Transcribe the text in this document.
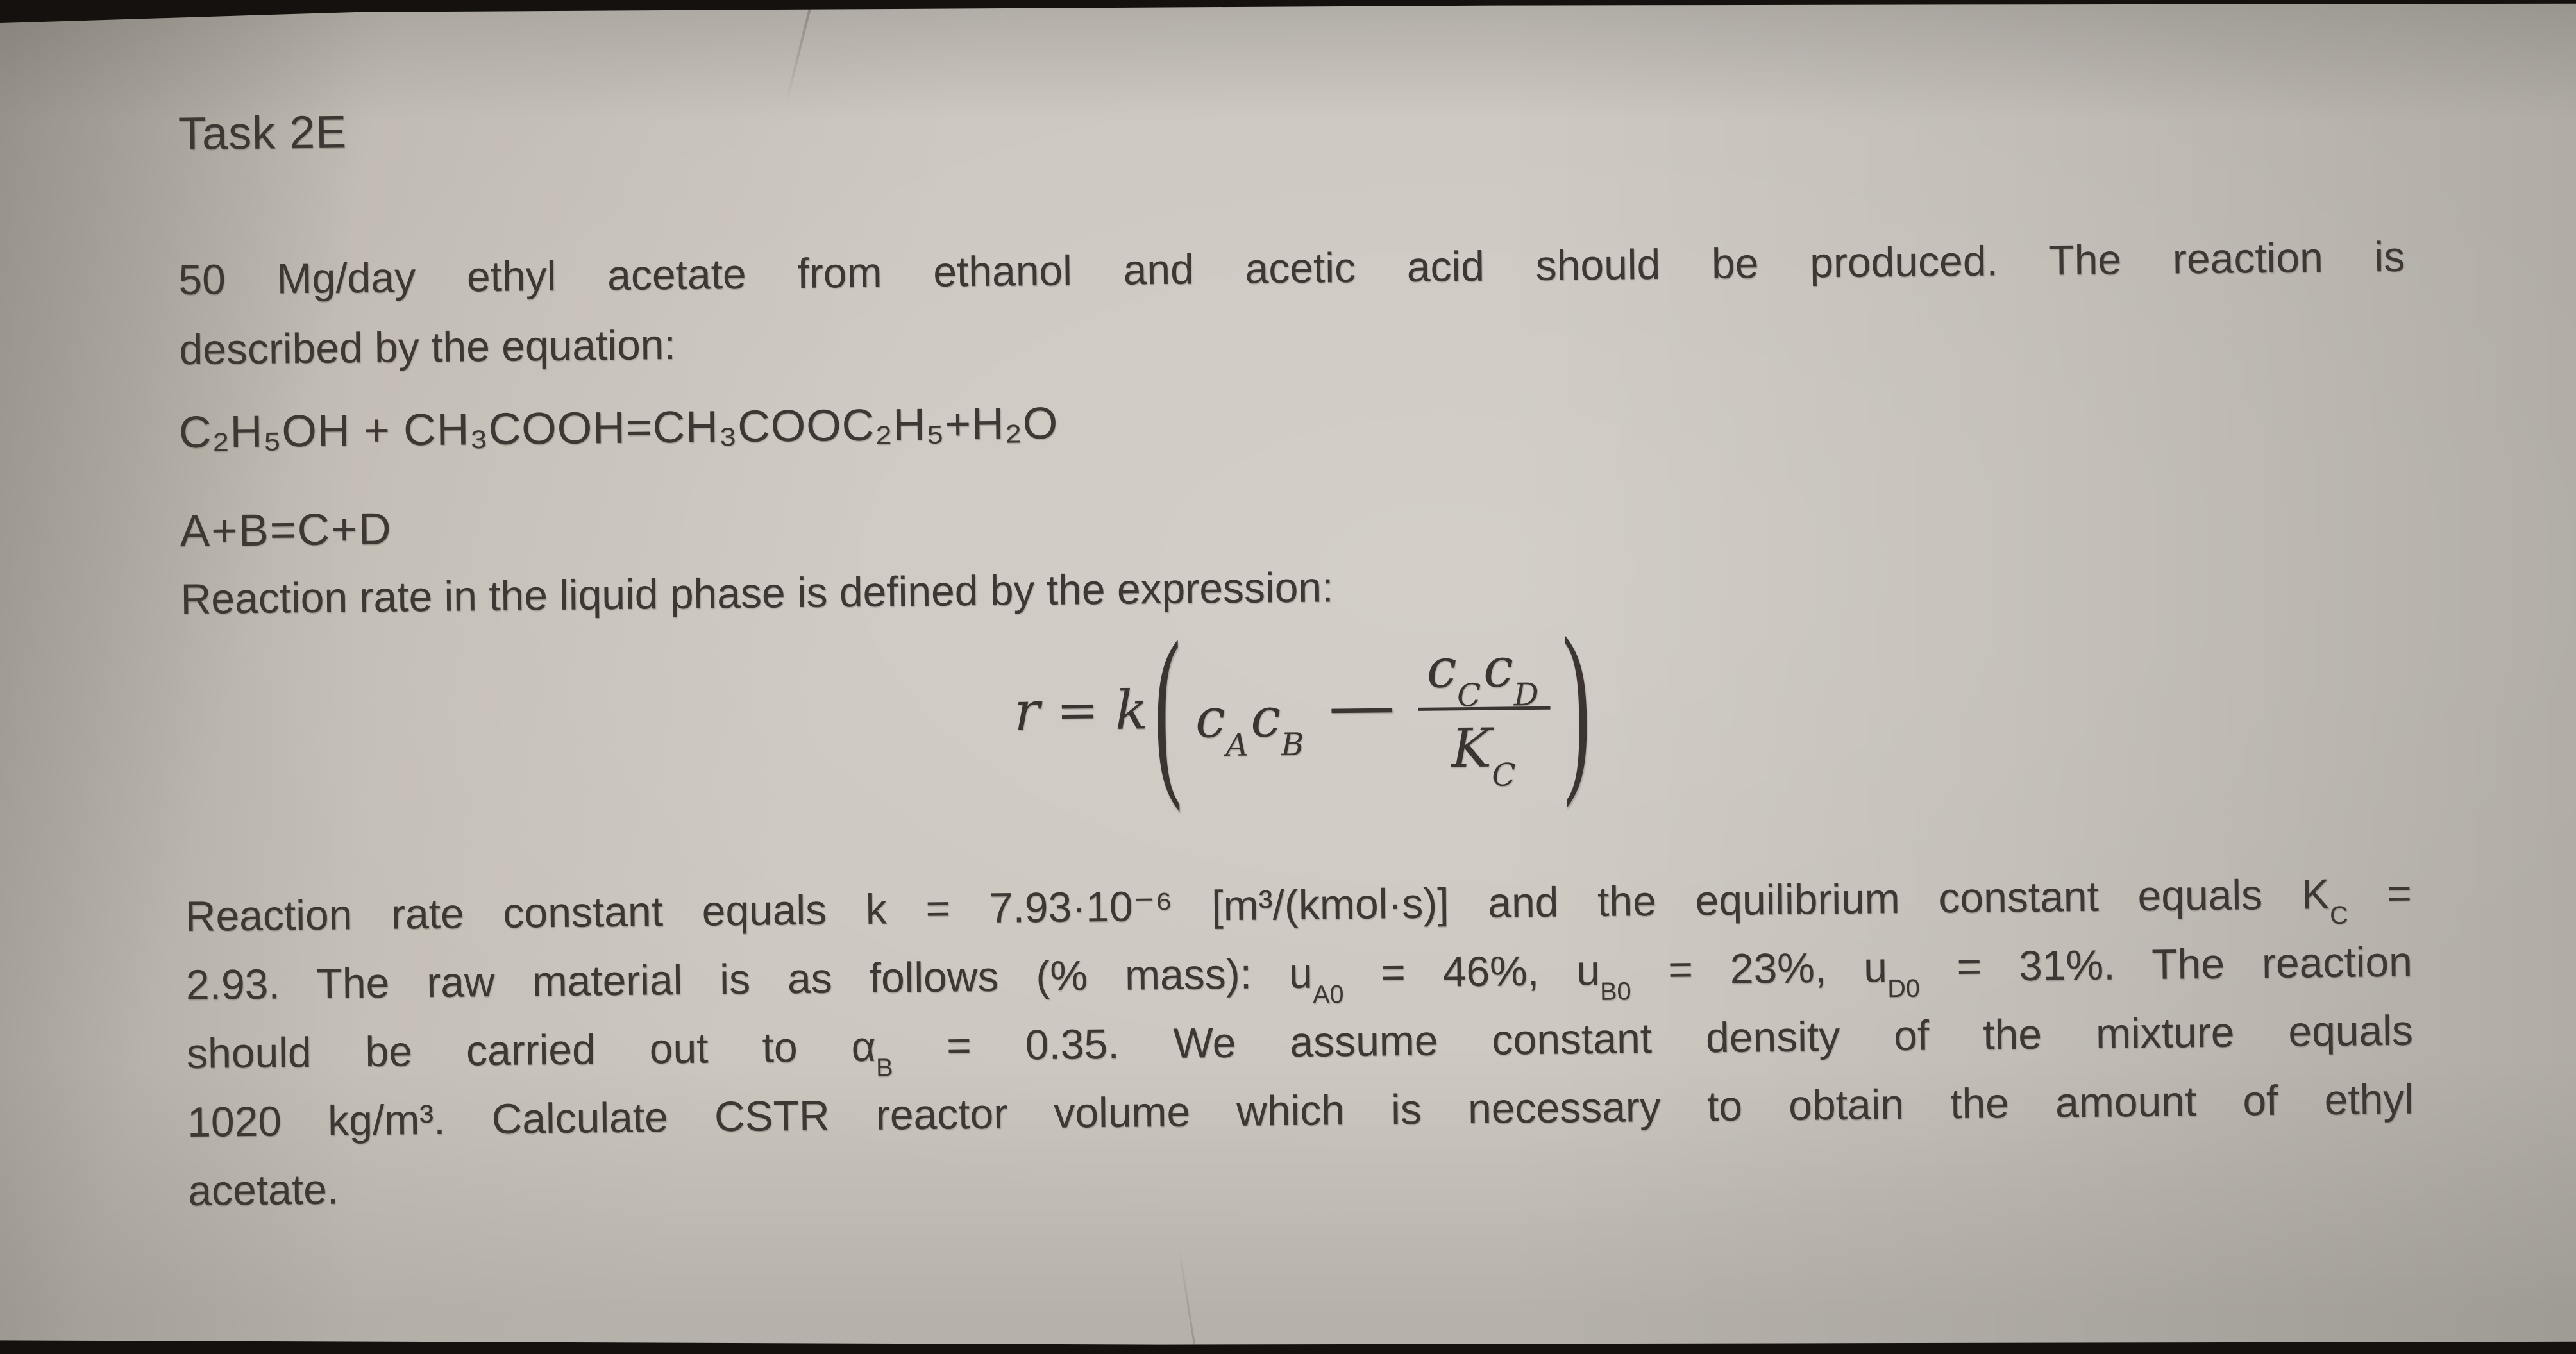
Task 2E
50 Mg/day ethyl acetate from ethanol and acetic acid should be produced. The reaction is
described by the equation:
C₂H₅OH + CH₃COOH=CH₃COOC₂H₅+H₂O
A+B=C+D
Reaction rate in the liquid phase is defined by the expression:
r = k ( $c_Ac_B$
− $\frac{c_Cc_D}{K_C}$ )
Reaction rate constant equals k = 7.93·10⁻⁶ [m³/(kmol·s)] and the equilibrium constant equals $K_C$ =
2.93. The raw material is as follows (% mass): $u_{A0} = 46\%$, $u_{B0} = 23\%$, $u_{D0} = 31\%$. The reaction
should be carried out to $\alpha_B = 0.35$. We assume constant density of the mixture equals
1020 kg/m³. Calculate CSTR reactor volume which is necessary to obtain the amount of ethyl
acetate.
